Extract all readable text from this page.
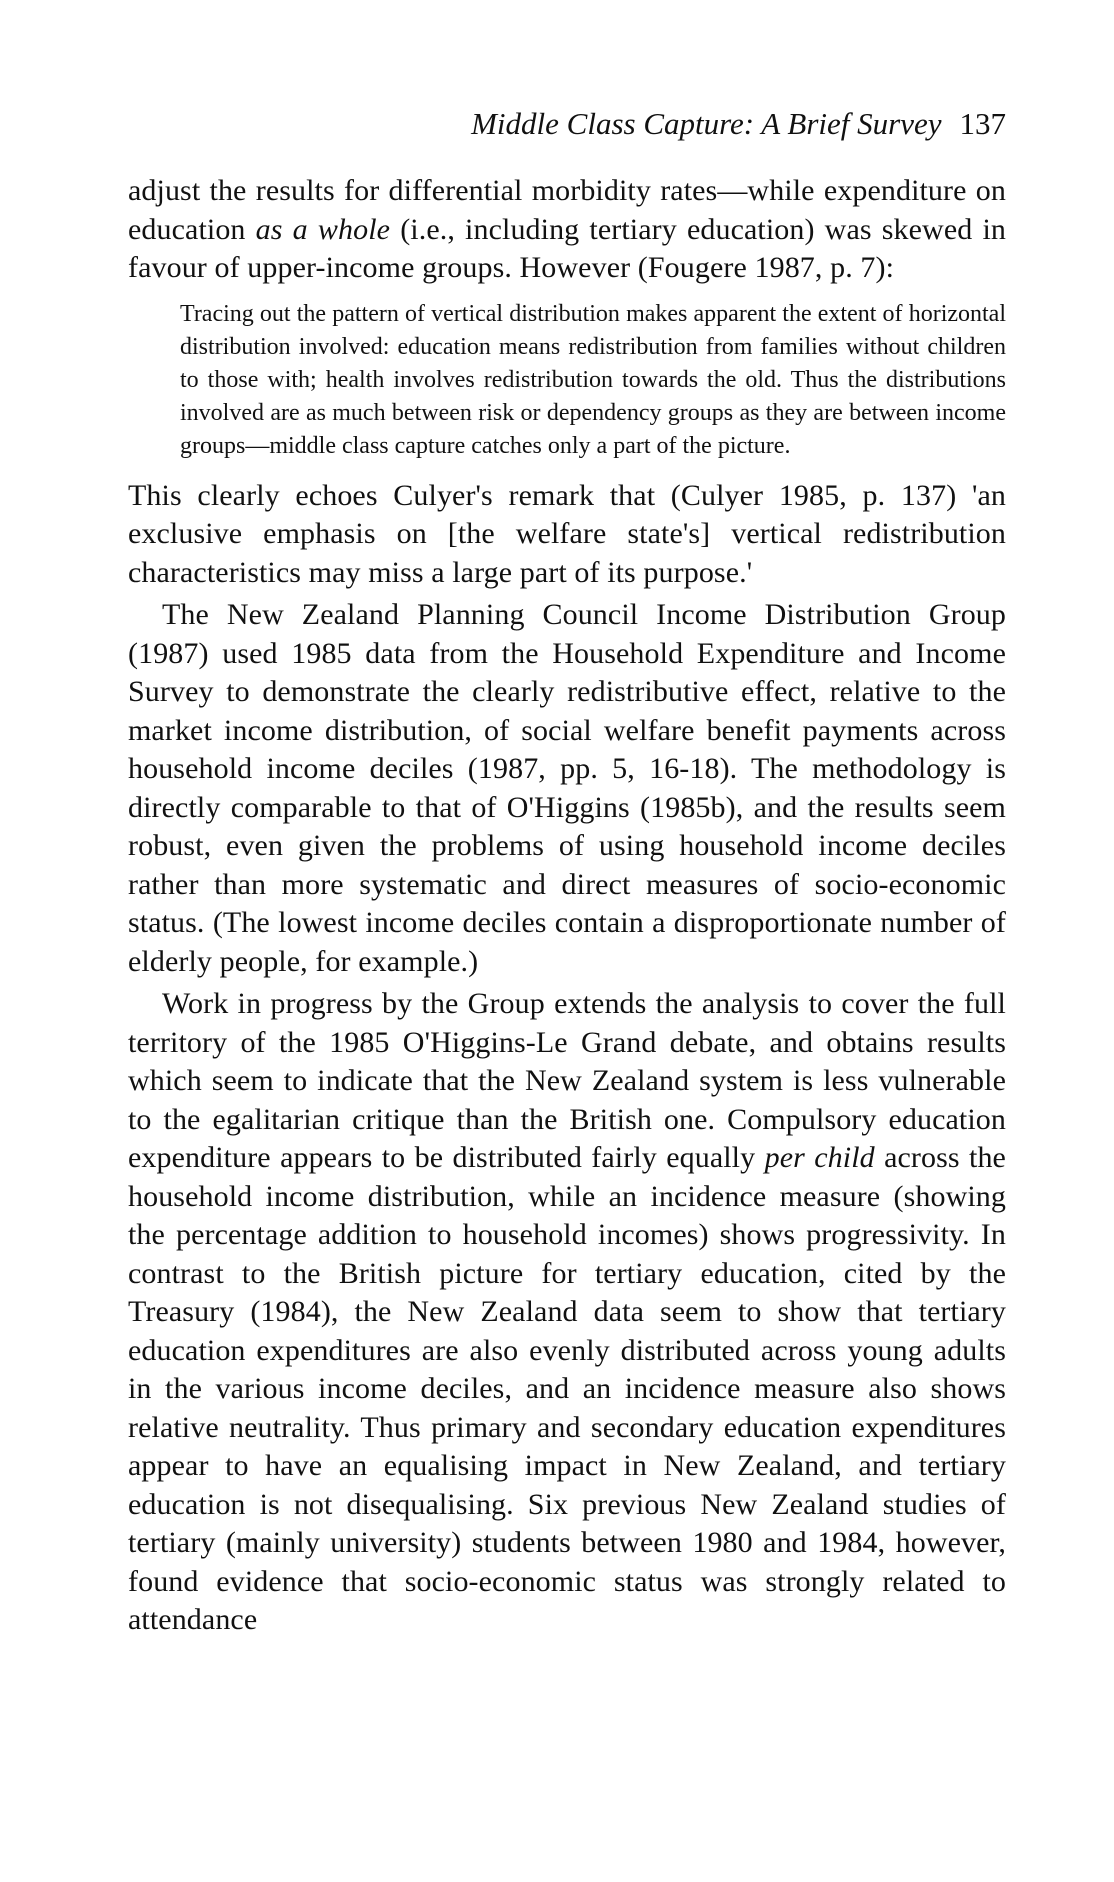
Middle Class Capture: A Brief Survey 137

adjust the results for differential morbidity rates—while expenditure on education as a whole (i.e., including tertiary education) was skewed in favour of upper-income groups. However (Fougere 1987, p. 7):

Tracing out the pattern of vertical distribution makes apparent the extent of horizontal distribution involved: education means redistribution from families without children to those with; health involves redistribution towards the old. Thus the distributions involved are as much between risk or dependency groups as they are between income groups—middle class capture catches only a part of the picture.

This clearly echoes Culyer's remark that (Culyer 1985, p. 137) 'an exclusive emphasis on [the welfare state's] vertical redistribution characteristics may miss a large part of its purpose.'

The New Zealand Planning Council Income Distribution Group (1987) used 1985 data from the Household Expenditure and Income Survey to demonstrate the clearly redistributive effect, relative to the market income distribution, of social welfare benefit payments across household income deciles (1987, pp. 5, 16-18). The methodology is directly comparable to that of O'Higgins (1985b), and the results seem robust, even given the problems of using household income deciles rather than more systematic and direct measures of socio-economic status. (The lowest income deciles contain a disproportionate number of elderly people, for example.)

Work in progress by the Group extends the analysis to cover the full territory of the 1985 O'Higgins-Le Grand debate, and obtains results which seem to indicate that the New Zealand system is less vulnerable to the egalitarian critique than the British one. Compulsory education expenditure appears to be distributed fairly equally per child across the household income distribution, while an incidence measure (showing the percentage addition to household incomes) shows progressivity. In contrast to the British picture for tertiary education, cited by the Treasury (1984), the New Zealand data seem to show that tertiary education expenditures are also evenly distributed across young adults in the various income deciles, and an incidence measure also shows relative neutrality. Thus primary and secondary education expenditures appear to have an equalising impact in New Zealand, and tertiary education is not disequalising. Six previous New Zealand studies of tertiary (mainly university) students between 1980 and 1984, however, found evidence that socio-economic status was strongly related to attendance
